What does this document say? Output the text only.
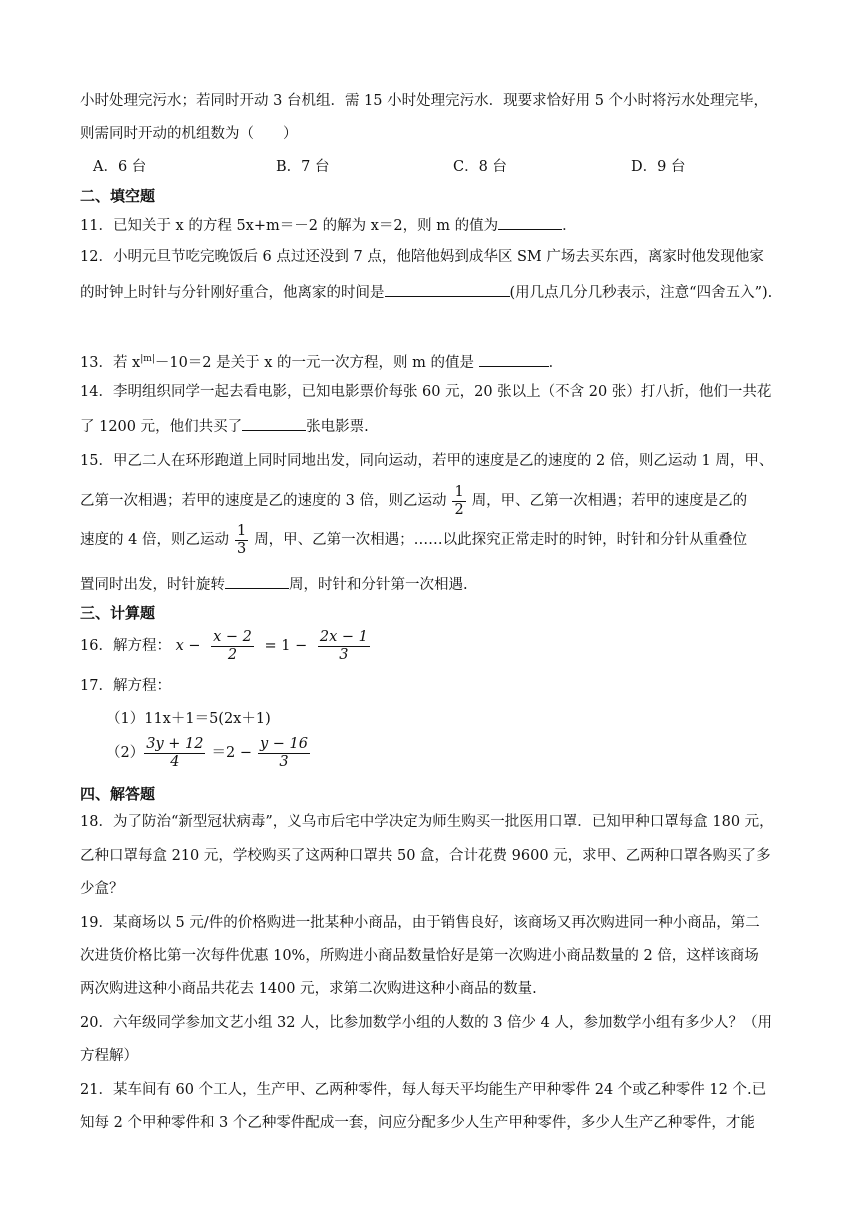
小时处理完污水；若同时开动 3 台机组．需 15 小时处理完污水．现要求恰好用 5 个小时将污水处理完毕，
则需同时开动的机组数为（　　）
A．6 台	B．7 台	C．8 台	D．9 台
二、填空题
11．已知关于 x 的方程 5x+m＝－2 的解为 x＝2，则 m 的值为	．
12．小明元旦节吃完晚饭后 6 点过还没到 7 点，他陪他妈到成华区 SM 广场去买东西，离家时他发现他家
的时钟上时针与分针刚好重合，他离家的时间是	(用几点几分几秒表示，注意“四舍五入”).
13．若 $x^{|m|}-10=2$ 是关于 x 的一元一次方程，则 m 的值是	．
14．李明组织同学一起去看电影，已知电影票价每张 60 元，20 张以上（不含 20 张）打八折，他们一共花
了 1200 元，他们共买了	张电影票.
15．甲乙二人在环形跑道上同时同地出发，同向运动，若甲的速度是乙的速度的 2 倍，则乙运动 1 周，甲、
乙第一次相遇；若甲的速度是乙的速度的 3 倍，则乙运动 $\frac{1}{2}$ 周，甲、乙第一次相遇；若甲的速度是乙的
速度的 4 倍，则乙运动 $\frac{1}{3}$ 周，甲、乙第一次相遇；……以此探究正常走时的时钟，时针和分针从重叠位
置同时出发，时针旋转	周，时针和分针第一次相遇.
三、计算题
16．解方程： $x - \frac{x - 2}{2} = 1 - \frac{2x - 1}{3}$
17．解方程：
（1）11x＋1＝5(2x＋1)
$(2) \frac{3y + 12}{4} =2 - \frac{y - 16}{3}$
四、解答题
18．为了防治“新型冠状病毒”，义乌市后宅中学决定为师生购买一批医用口罩．已知甲种口罩每盒 180 元，
乙种口罩每盒 210 元，学校购买了这两种口罩共 50 盒，合计花费 9600 元，求甲、乙两种口罩各购买了多
少盒？
19．某商场以 5 元/件的价格购进一批某种小商品，由于销售良好，该商场又再次购进同一种小商品，第二
次进货价格比第一次每件优惠 10%，所购进小商品数量恰好是第一次购进小商品数量的 2 倍，这样该商场
两次购进这种小商品共花去 1400 元，求第二次购进这种小商品的数量.
20．六年级同学参加文艺小组 32 人，比参加数学小组的人数的 3 倍少 4 人，参加数学小组有多少人？（用
方程解）
21．某车间有 60 个工人，生产甲、乙两种零件，每人每天平均能生产甲种零件 24 个或乙种零件 12 个.已
知每 2 个甲种零件和 3 个乙种零件配成一套，问应分配多少人生产甲种零件，多少人生产乙种零件，才能
